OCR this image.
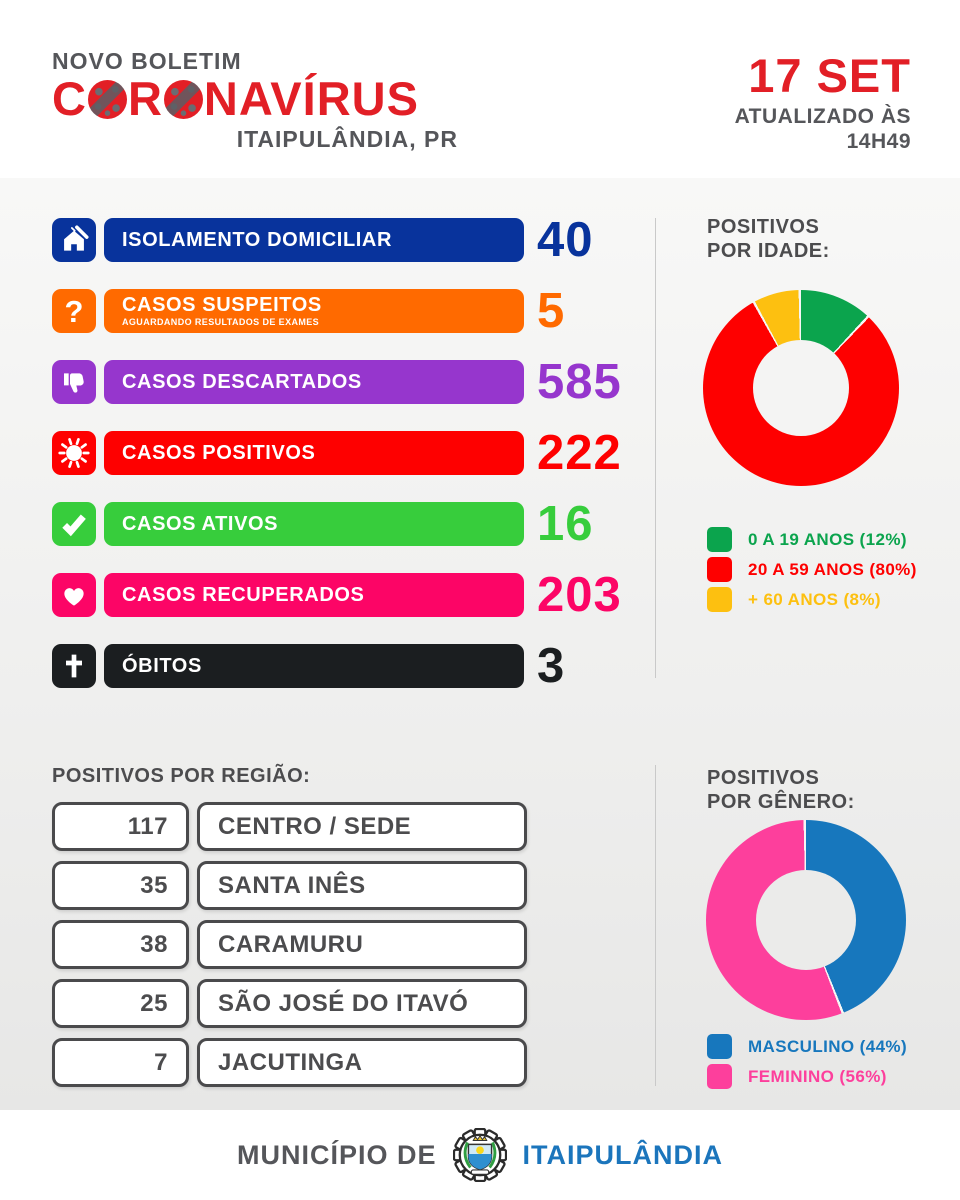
NOVO BOLETIM
C R NAVÍRUS
ITAIPULÂNDIA, PR
17 SET
ATUALIZADO ÀS
14H49
ISOLAMENTO DOMICILIAR	40
? CASOS SUSPEITOS
AGUARDANDO RESULTADOS DE EXAMES	5
CASOS DESCARTADOS	585
CASOS POSITIVOS	222
CASOS ATIVOS	16
CASOS RECUPERADOS	203
ÓBITOS	3
POSITIVOS
POR IDADE:
0 A 19 ANOS (12%)
20 A 59 ANOS (80%)
+ 60 ANOS (8%)
POSITIVOS POR REGIÃO:
117	CENTRO / SEDE
35	SANTA INÊS
38	CARAMURU
25	SÃO JOSÉ DO ITAVÓ
7	JACUTINGA
POSITIVOS
POR GÊNERO:
MASCULINO (44%)
FEMININO (56%)
MUNICÍPIO DE	ITAIPULÂNDIA
